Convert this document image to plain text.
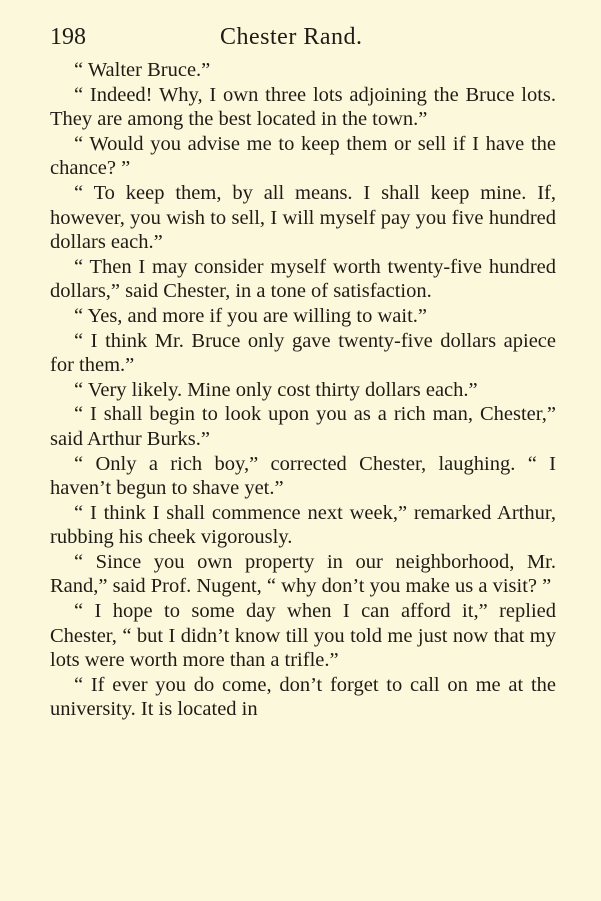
198	Chester Rand.

“ Walter Bruce.”

“ Indeed! Why, I own three lots adjoining the Bruce lots. They are among the best located in the town.”

“ Would you advise me to keep them or sell if I have the chance? ”

“ To keep them, by all means. I shall keep mine. If, however, you wish to sell, I will myself pay you five hundred dollars each.”

“ Then I may consider myself worth twenty-five hundred dollars,” said Chester, in a tone of satisfaction.

“ Yes, and more if you are willing to wait.”

“ I think Mr. Bruce only gave twenty-five dollars apiece for them.”

“ Very likely. Mine only cost thirty dollars each.”

“ I shall begin to look upon you as a rich man, Chester,” said Arthur Burks.”

“ Only a rich boy,” corrected Chester, laughing. “ I haven’t begun to shave yet.”

“ I think I shall commence next week,” remarked Arthur, rubbing his cheek vigorously.

“ Since you own property in our neighborhood, Mr. Rand,” said Prof. Nugent, “ why don’t you make us a visit? ”

“ I hope to some day when I can afford it,” replied Chester, “ but I didn’t know till you told me just now that my lots were worth more than a trifle.”

“ If ever you do come, don’t forget to call on me at the university. It is located in
